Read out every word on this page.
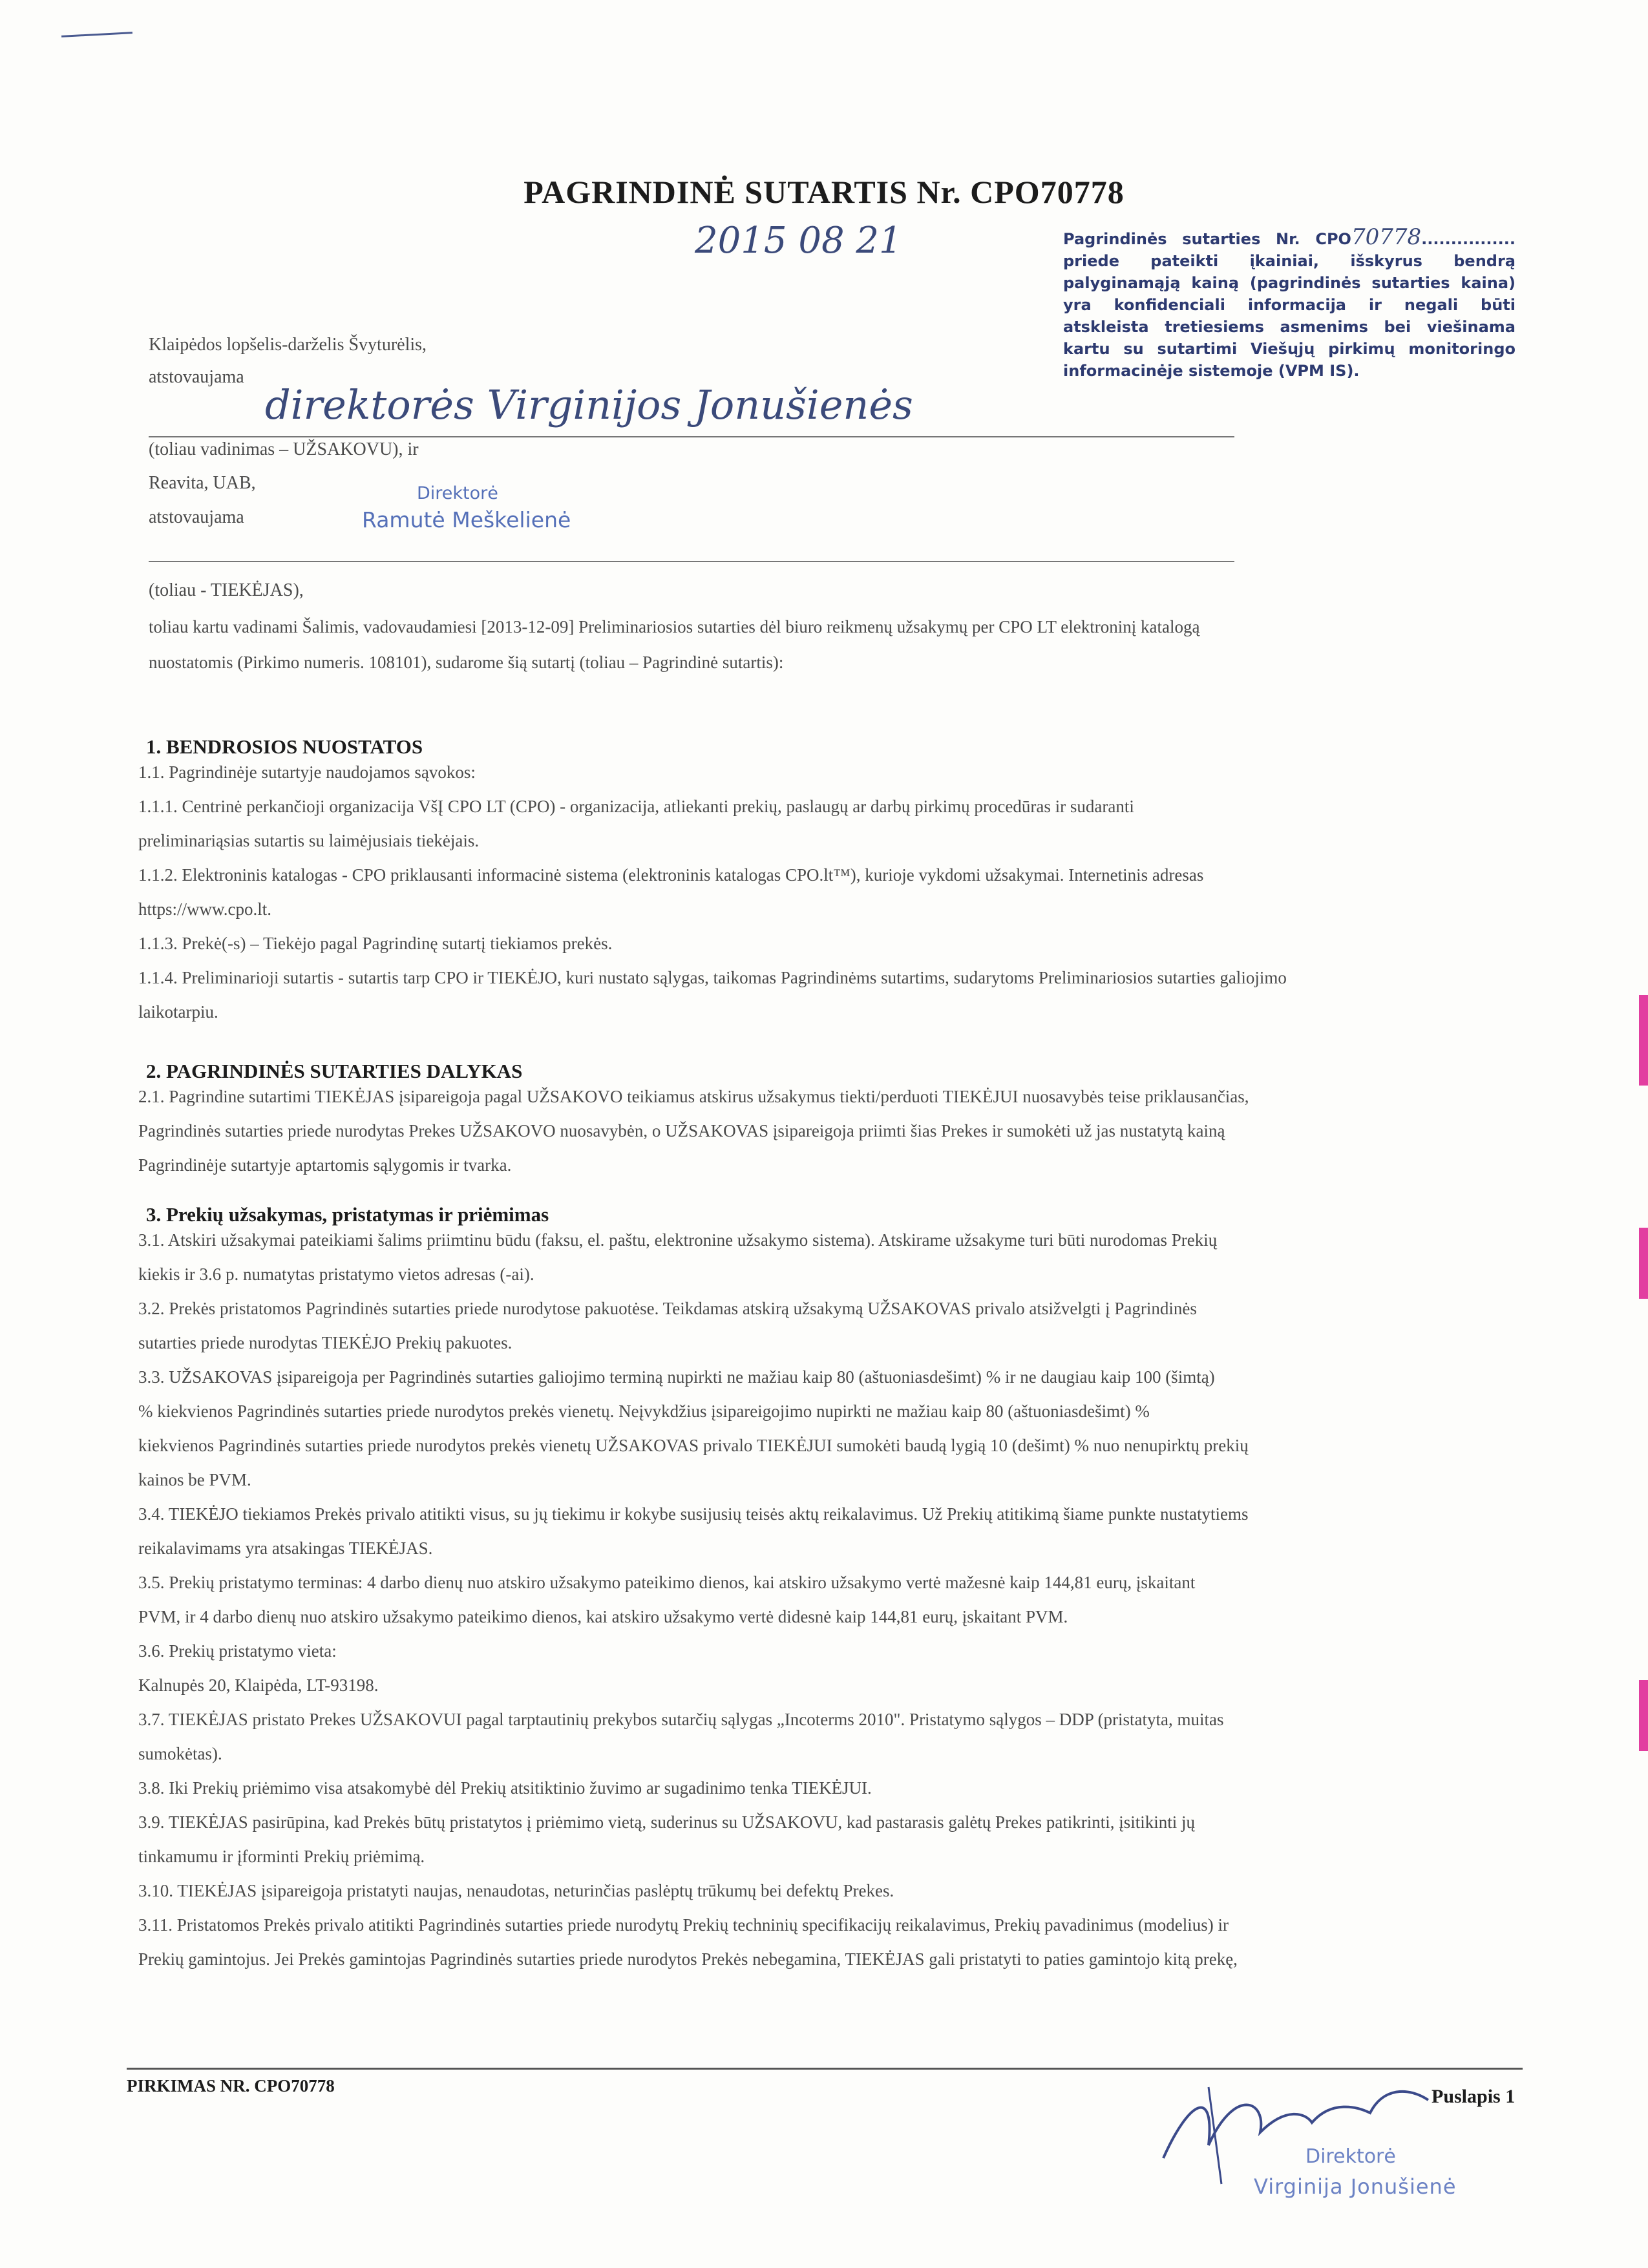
PAGRINDINĖ SUTARTIS Nr. CPO70778
2015 08 21	Pagrindinės sutarties Nr. CPO70778................ priede pateikti įkainiai, išskyrus bendrą palyginamąją kainą (pagrindinės sutarties kaina) yra konfidenciali informacija ir negali būti atskleista tretiesiems asmenims bei viešinama kartu su sutartimi Viešųjų pirkimų monitoringo informacinėje sistemoje (VPM IS).
Klaipėdos lopšelis-darželis Švyturėlis,
atstovaujama
direktorės Virginijos Jonušienės
(toliau vadinimas – UŽSAKOVU), ir
Reavita, UAB,
Direktorė
atstovaujama	Ramutė Meškelienė
(toliau - TIEKĖJAS),
toliau kartu vadinami Šalimis, vadovaudamiesi [2013-12-09] Preliminariosios sutarties dėl biuro reikmenų užsakymų per CPO LT elektroninį katalogą
nuostatomis (Pirkimo numeris. 108101), sudarome šią sutartį (toliau – Pagrindinė sutartis):
1. BENDROSIOS NUOSTATOS
1.1. Pagrindinėje sutartyje naudojamos sąvokos:
1.1.1. Centrinė perkančioji organizacija VšĮ CPO LT (CPO) - organizacija, atliekanti prekių, paslaugų ar darbų pirkimų procedūras ir sudaranti
preliminariąsias sutartis su laimėjusiais tiekėjais.
1.1.2. Elektroninis katalogas - CPO priklausanti informacinė sistema (elektroninis katalogas CPO.lt™), kurioje vykdomi užsakymai. Internetinis adresas
https://www.cpo.lt.
1.1.3. Prekė(-s) – Tiekėjo pagal Pagrindinę sutartį tiekiamos prekės.
1.1.4. Preliminarioji sutartis - sutartis tarp CPO ir TIEKĖJO, kuri nustato sąlygas, taikomas Pagrindinėms sutartims, sudarytoms Preliminariosios sutarties galiojimo
laikotarpiu.
2. PAGRINDINĖS SUTARTIES DALYKAS
2.1. Pagrindine sutartimi TIEKĖJAS įsipareigoja pagal UŽSAKOVO teikiamus atskirus užsakymus tiekti/perduoti TIEKĖJUI nuosavybės teise priklausančias,
Pagrindinės sutarties priede nurodytas Prekes UŽSAKOVO nuosavybėn, o UŽSAKOVAS įsipareigoja priimti šias Prekes ir sumokėti už jas nustatytą kainą
Pagrindinėje sutartyje aptartomis sąlygomis ir tvarka.
3. Prekių užsakymas, pristatymas ir priėmimas
3.1. Atskiri užsakymai pateikiami šalims priimtinu būdu (faksu, el. paštu, elektronine užsakymo sistema). Atskirame užsakyme turi būti nurodomas Prekių
kiekis ir 3.6 p. numatytas pristatymo vietos adresas (-ai).
3.2. Prekės pristatomos Pagrindinės sutarties priede nurodytose pakuotėse. Teikdamas atskirą užsakymą UŽSAKOVAS privalo atsižvelgti į Pagrindinės
sutarties priede nurodytas TIEKĖJO Prekių pakuotes.
3.3. UŽSAKOVAS įsipareigoja per Pagrindinės sutarties galiojimo terminą nupirkti ne mažiau kaip 80 (aštuoniasdešimt) % ir ne daugiau kaip 100 (šimtą)
% kiekvienos Pagrindinės sutarties priede nurodytos prekės vienetų. Neįvykdžius įsipareigojimo nupirkti ne mažiau kaip 80 (aštuoniasdešimt) %
kiekvienos Pagrindinės sutarties priede nurodytos prekės vienetų UŽSAKOVAS privalo TIEKĖJUI sumokėti baudą lygią 10 (dešimt) % nuo nenupirktų prekių
kainos be PVM.
3.4. TIEKĖJO tiekiamos Prekės privalo atitikti visus, su jų tiekimu ir kokybe susijusių teisės aktų reikalavimus. Už Prekių atitikimą šiame punkte nustatytiems
reikalavimams yra atsakingas TIEKĖJAS.
3.5. Prekių pristatymo terminas: 4 darbo dienų nuo atskiro užsakymo pateikimo dienos, kai atskiro užsakymo vertė mažesnė kaip 144,81 eurų, įskaitant
PVM, ir 4 darbo dienų nuo atskiro užsakymo pateikimo dienos, kai atskiro užsakymo vertė didesnė kaip 144,81 eurų, įskaitant PVM.
3.6. Prekių pristatymo vieta:
Kalnupės 20, Klaipėda, LT-93198.
3.7. TIEKĖJAS pristato Prekes UŽSAKOVUI pagal tarptautinių prekybos sutarčių sąlygas „Incoterms 2010". Pristatymo sąlygos – DDP (pristatyta, muitas
sumokėtas).
3.8. Iki Prekių priėmimo visa atsakomybė dėl Prekių atsitiktinio žuvimo ar sugadinimo tenka TIEKĖJUI.
3.9. TIEKĖJAS pasirūpina, kad Prekės būtų pristatytos į priėmimo vietą, suderinus su UŽSAKOVU, kad pastarasis galėtų Prekes patikrinti, įsitikinti jų
tinkamumu ir įforminti Prekių priėmimą.
3.10. TIEKĖJAS įsipareigoja pristatyti naujas, nenaudotas, neturinčias paslėptų trūkumų bei defektų Prekes.
3.11. Pristatomos Prekės privalo atitikti Pagrindinės sutarties priede nurodytų Prekių techninių specifikacijų reikalavimus, Prekių pavadinimus (modelius) ir
Prekių gamintojus. Jei Prekės gamintojas Pagrindinės sutarties priede nurodytos Prekės nebegamina, TIEKĖJAS gali pristatyti to paties gamintojo kitą prekę,
PIRKIMAS NR. CPO70778	Puslapis 1
Direktorė
Virginija Jonušienė
